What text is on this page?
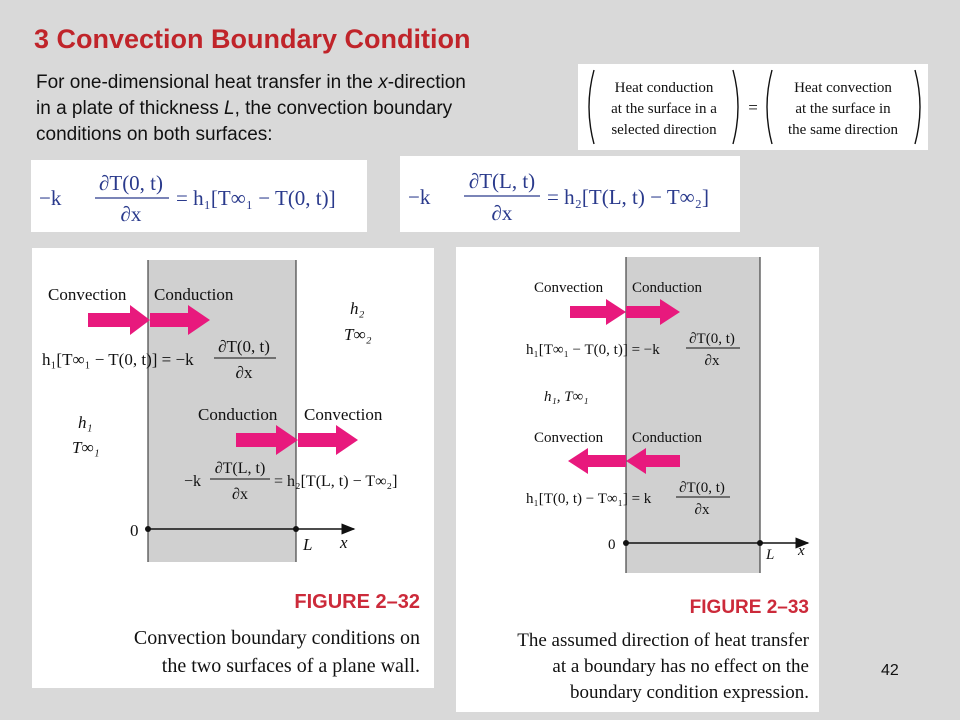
3 Convection Boundary Condition
For one-dimensional heat transfer in the x-direction
in a plate of thickness L, the convection boundary
conditions on both surfaces:
Heat conduction
at the surface in a
selected direction
=
Heat convection
at the surface in
the same direction
−k
∂T(0, t)
∂x
= h₁[T∞₁ − T(0, t)]	−k
∂T(L, t)
∂x
= h₂[T(L, t) − T∞₂]
Convection Conduction
h₂
T∞₂
h₁[T∞₁ − T(0, t)] = −k
∂T(0, t)
∂x
h₁
T∞₁
Conduction Convection
−k
∂T(L, t)
∂x
= h₂[T(L, t) − T∞₂]
0
L x
FIGURE 2–32
Convection boundary conditions on
the two surfaces of a plane wall.
Convection Conduction
h₁[T∞₁ − T(0, t)] = −k
∂T(0, t)
∂x
h₁, T∞₁
Convection Conduction
h₁[T(0, t) − T∞₁] = k
∂T(0, t)
∂x
0
L x
FIGURE 2–33
The assumed direction of heat transfer
at a boundary has no effect on the
boundary condition expression.
42
